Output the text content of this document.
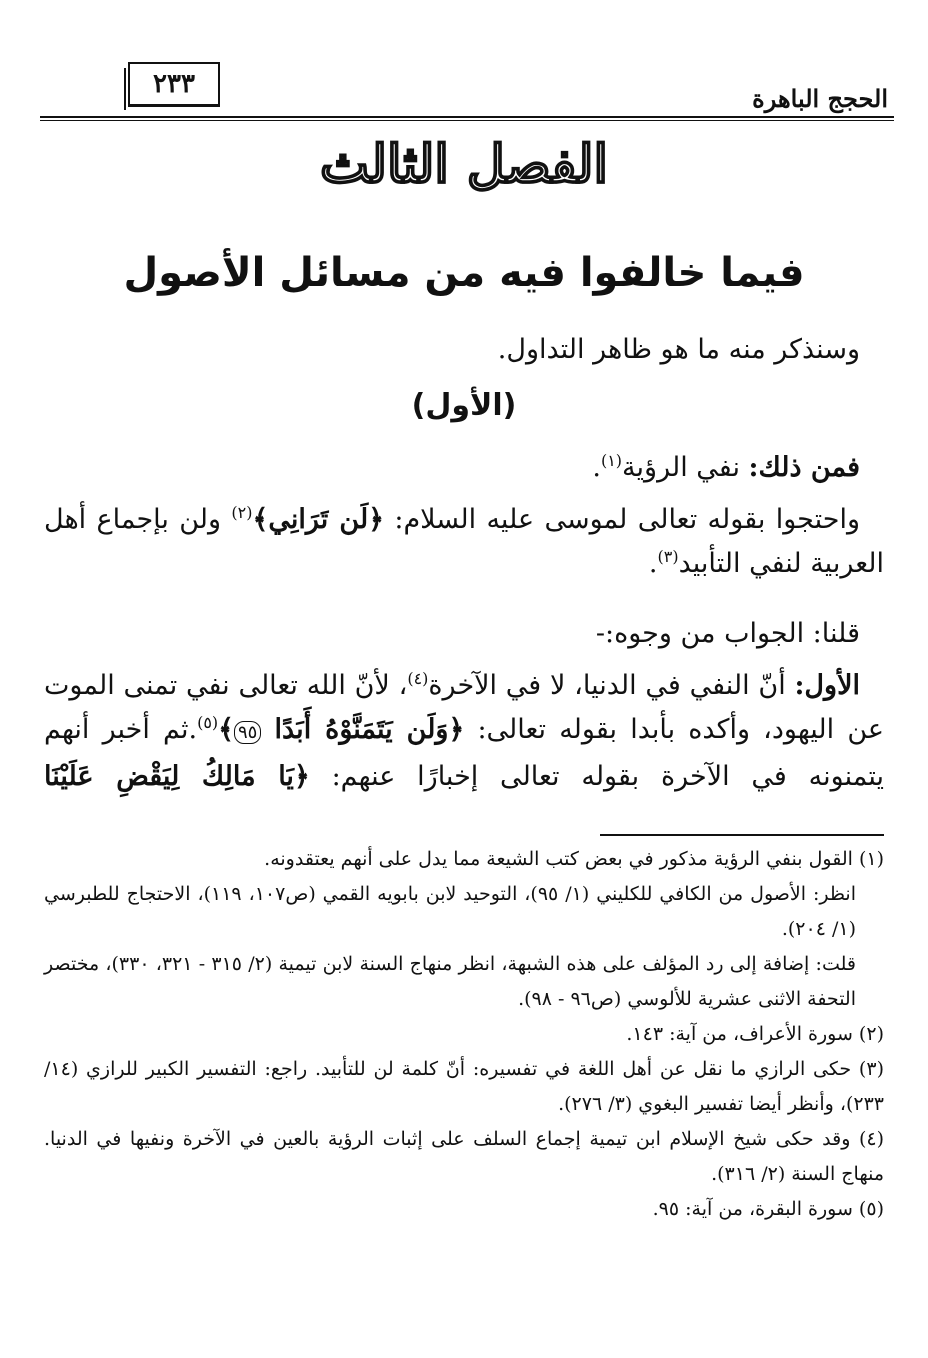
الحجج الباهرة
٢٣٣
الفصل الثالث
فيما خالفوا فيه من مسائل الأصول
وسنذكر منه ما هو ظاهر التداول.
(الأول)
فمن ذلك: نفي الرؤية$^{(١)}$.
واحتجوا بقوله تعالى لموسى عليه السلام: ﴿لَن تَرَانِي﴾$^{(٢)}$ ولن بإجماع أهل العربية لنفي التأبيد$^{(٣)}$.
قلنا: الجواب من وجوه:-
الأول: أنّ النفي في الدنيا، لا في الآخرة$^{(٤)}$، لأنّ الله تعالى نفي تمنى الموت عن اليهود، وأكده بأبدا بقوله تعالى: ﴿وَلَن يَتَمَنَّوْهُ أَبَدًا ٩٥﴾$^{(٥)}$.ثم أخبر أنهم يتمنونه في الآخرة بقوله تعالى إخبارًا عنهم: ﴿يَا مَالِكُ لِيَقْضِ عَلَيْنَا
(١) القول بنفي الرؤية مذكور في بعض كتب الشيعة مما يدل على أنهم يعتقدونه.
انظر: الأصول من الكافي للكليني (١/ ٩٥)، التوحيد لابن بابويه القمي (ص١٠٧، ١١٩)، الاحتجاج للطبرسي (١/ ٢٠٤).
قلت: إضافة إلى رد المؤلف على هذه الشبهة، انظر منهاج السنة لابن تيمية (٢/ ٣١٥ - ٣٢١، ٣٣٠)، مختصر التحفة الاثنى عشرية للألوسي (ص٩٦ - ٩٨).
(٢) سورة الأعراف، من آية: ١٤٣.
(٣) حكى الرازي ما نقل عن أهل اللغة في تفسيره: أنّ كلمة لن للتأبيد. راجع: التفسير الكبير للرازي (١٤/ ٢٣٣)، وأنظر أيضا تفسير البغوي (٣/ ٢٧٦).
(٤) وقد حكى شيخ الإسلام ابن تيمية إجماع السلف على إثبات الرؤية بالعين في الآخرة ونفيها في الدنيا. منهاج السنة (٢/ ٣١٦).
(٥) سورة البقرة، من آية: ٩٥.
